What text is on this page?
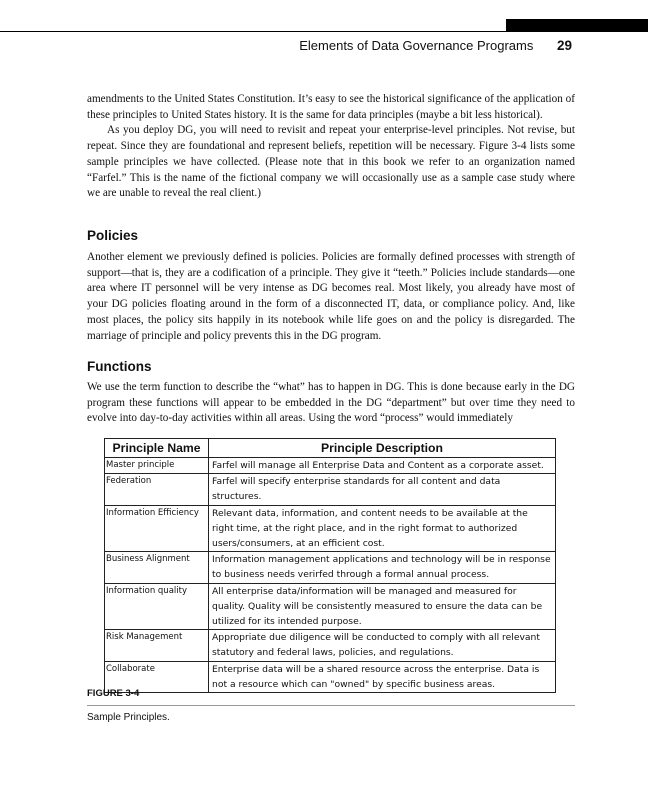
Elements of Data Governance Programs 29

amendments to the United States Constitution. It’s easy to see the historical significance of the application of these principles to United States history. It is the same for data principles (maybe a bit less historical).

As you deploy DG, you will need to revisit and repeat your enterprise-level principles. Not revise, but repeat. Since they are foundational and represent beliefs, repetition will be necessary. Figure 3-4 lists some sample principles we have collected. (Please note that in this book we refer to an organization named “Farfel.” This is the name of the fictional company we will occasionally use as a sample case study where we are unable to reveal the real client.)

Policies

Another element we previously defined is policies. Policies are formally defined processes with strength of support—that is, they are a codification of a principle. They give it “teeth.” Policies include standards—one area where IT personnel will be very intense as DG becomes real. Most likely, you already have most of your DG policies floating around in the form of a disconnected IT, data, or compliance policy. And, like most places, the policy sits happily in its notebook while life goes on and the policy is disregarded. The marriage of principle and policy prevents this in the DG program.

Functions

We use the term function to describe the “what” has to happen in DG. This is done because early in the DG program these functions will appear to be embedded in the DG “department” but over time they need to evolve into day-to-day activities within all areas. Using the word “process” would immediately

Principle Name	Principle Description
Master principle	Farfel will manage all Enterprise Data and Content as a corporate asset.
Federation	Farfel will specify enterprise standards for all content and data structures.
Information Efficiency	Relevant data, information, and content needs to be available at the right time, at the right place, and in the right format to authorized users/consumers, at an efficient cost.
Business Alignment	Information management applications and technology will be in response to business needs verirfed through a formal annual process.
Information quality	All enterprise data/information will be managed and measured for quality. Quality will be consistently measured to ensure the data can be utilized for its intended purpose.
Risk Management	Appropriate due diligence will be conducted to comply with all relevant statutory and federal laws, policies, and regulations.
Collaborate	Enterprise data will be a shared resource across the enterprise. Data is not a resource which can "owned" by specific business areas.
FIGURE 3-4
Sample Principles.
